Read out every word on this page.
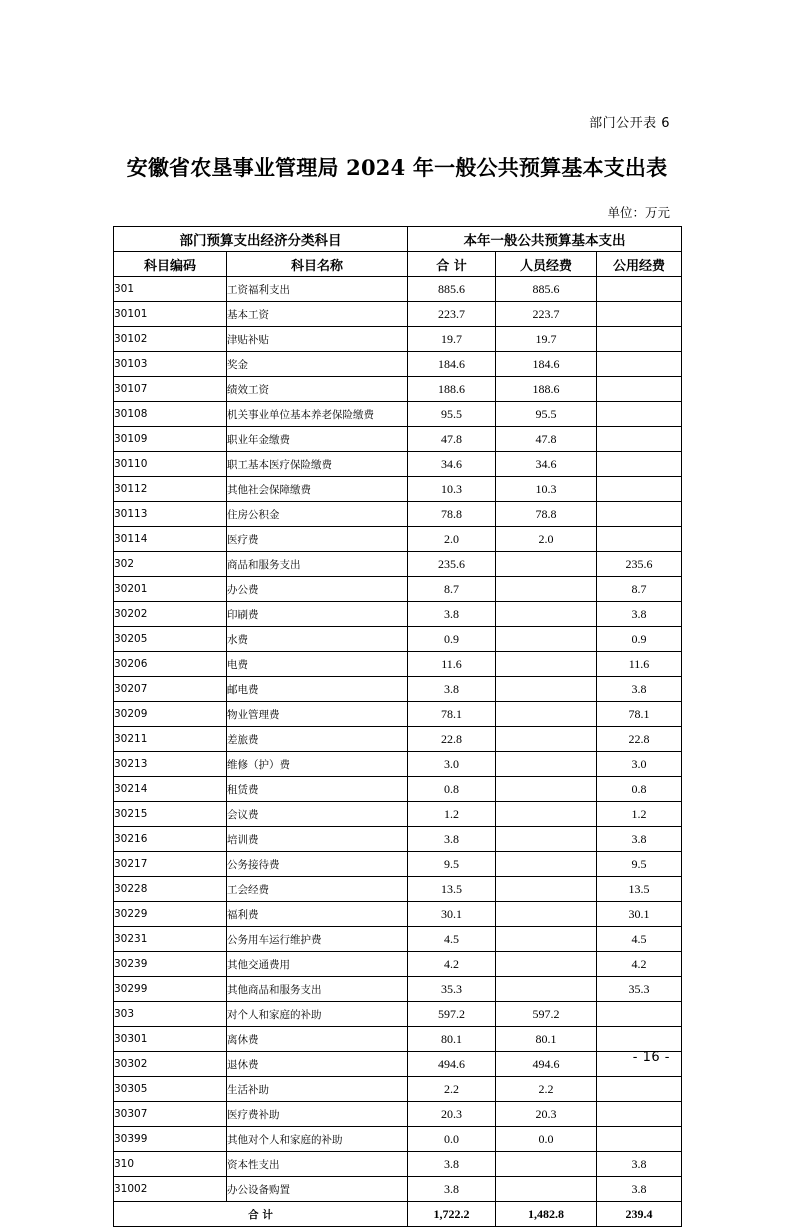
部门公开表 6
安徽省农垦事业管理局 2024 年一般公共预算基本支出表
单位：万元
部门预算支出经济分类科目		本年一般公共预算基本支出		
科目编码	科目名称	合 计	人员经费	公用经费
301	工资福利支出	885.6	885.6	
30101	基本工资	223.7	223.7	
30102	津贴补贴	19.7	19.7	
30103	奖金	184.6	184.6	
30107	绩效工资	188.6	188.6	
30108	机关事业单位基本养老保险缴费	95.5	95.5	
30109	职业年金缴费	47.8	47.8	
30110	职工基本医疗保险缴费	34.6	34.6	
30112	其他社会保障缴费	10.3	10.3	
30113	住房公积金	78.8	78.8	
30114	医疗费	2.0	2.0	
302	商品和服务支出	235.6		235.6
30201	办公费	8.7		8.7
30202	印刷费	3.8		3.8
30205	水费	0.9		0.9
30206	电费	11.6		11.6
30207	邮电费	3.8		3.8
30209	物业管理费	78.1		78.1
30211	差旅费	22.8		22.8
30213	维修（护）费	3.0		3.0
30214	租赁费	0.8		0.8
30215	会议费	1.2		1.2
30216	培训费	3.8		3.8
30217	公务接待费	9.5		9.5
30228	工会经费	13.5		13.5
30229	福利费	30.1		30.1
30231	公务用车运行维护费	4.5		4.5
30239	其他交通费用	4.2		4.2
30299	其他商品和服务支出	35.3		35.3
303	对个人和家庭的补助	597.2	597.2	
30301	离休费	80.1	80.1	
30302	退休费	494.6	494.6	
30305	生活补助	2.2	2.2	
30307	医疗费补助	20.3	20.3	
30399	其他对个人和家庭的补助	0.0	0.0	
310	资本性支出	3.8		3.8
31002	办公设备购置	3.8		3.8
合 计		1,722.2	1,482.8	239.4
- 16 -
